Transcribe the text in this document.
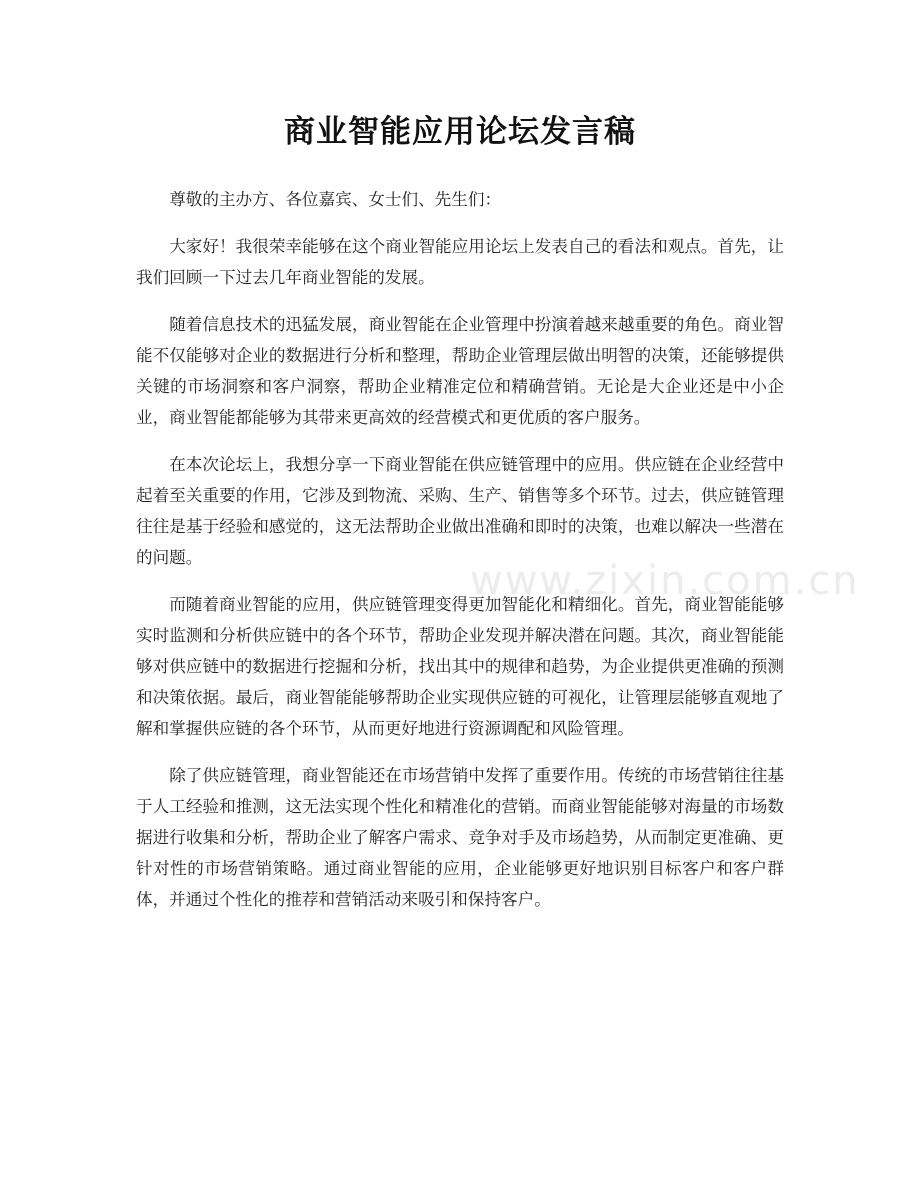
www.zixin.com.cn
商业智能应用论坛发言稿

尊敬的主办方、各位嘉宾、女士们、先生们：

大家好！我很荣幸能够在这个商业智能应用论坛上发表自己的看法和观点。首先，让我们回顾一下过去几年商业智能的发展。

随着信息技术的迅猛发展，商业智能在企业管理中扮演着越来越重要的角色。商业智能不仅能够对企业的数据进行分析和整理，帮助企业管理层做出明智的决策，还能够提供关键的市场洞察和客户洞察，帮助企业精准定位和精确营销。无论是大企业还是中小企业，商业智能都能够为其带来更高效的经营模式和更优质的客户服务。

在本次论坛上，我想分享一下商业智能在供应链管理中的应用。供应链在企业经营中起着至关重要的作用，它涉及到物流、采购、生产、销售等多个环节。过去，供应链管理往往是基于经验和感觉的，这无法帮助企业做出准确和即时的决策，也难以解决一些潜在的问题。

而随着商业智能的应用，供应链管理变得更加智能化和精细化。首先，商业智能能够实时监测和分析供应链中的各个环节，帮助企业发现并解决潜在问题。其次，商业智能能够对供应链中的数据进行挖掘和分析，找出其中的规律和趋势，为企业提供更准确的预测和决策依据。最后，商业智能能够帮助企业实现供应链的可视化，让管理层能够直观地了解和掌握供应链的各个环节，从而更好地进行资源调配和风险管理。

除了供应链管理，商业智能还在市场营销中发挥了重要作用。传统的市场营销往往基于人工经验和推测，这无法实现个性化和精准化的营销。而商业智能能够对海量的市场数据进行收集和分析，帮助企业了解客户需求、竞争对手及市场趋势，从而制定更准确、更针对性的市场营销策略。通过商业智能的应用，企业能够更好地识别目标客户和客户群体，并通过个性化的推荐和营销活动来吸引和保持客户。
